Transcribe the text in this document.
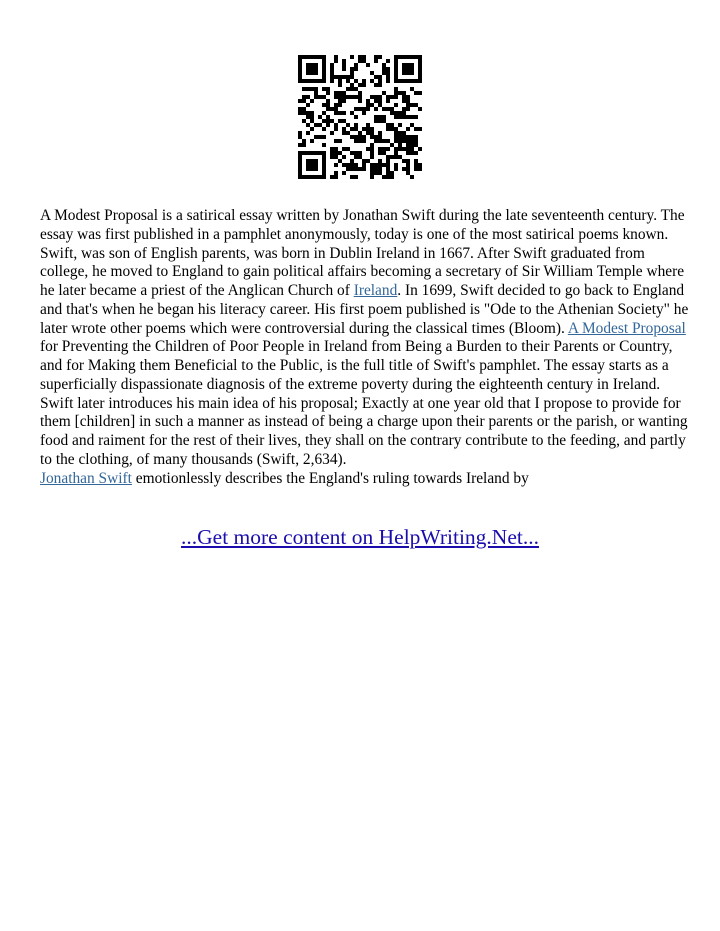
A Modest Proposal is a satirical essay written by Jonathan Swift during the late seventeenth century. The essay was first published in a pamphlet anonymously, today is one of the most satirical poems known. Swift, was son of English parents, was born in Dublin Ireland in 1667. After Swift graduated from college, he moved to England to gain political affairs becoming a secretary of Sir William Temple where he later became a priest of the Anglican Church of Ireland. In 1699, Swift decided to go back to England and that's when he began his literacy career. His first poem published is "Ode to the Athenian Society" he later wrote other poems which were controversial during the classical times (Bloom). A Modest Proposal for Preventing the Children of Poor People in Ireland from Being a Burden to their Parents or Country, and for Making them Beneficial to the Public, is the full title of Swift's pamphlet. The essay starts as a superficially dispassionate diagnosis of the extreme poverty during the eighteenth century in Ireland. Swift later introduces his main idea of his proposal; Exactly at one year old that I propose to provide for them [children] in such a manner as instead of being a charge upon their parents or the parish, or wanting food and raiment for the rest of their lives, they shall on the contrary contribute to the feeding, and partly to the clothing, of many thousands (Swift, 2,634).
Jonathan Swift emotionlessly describes the England's ruling towards Ireland by

...Get more content on HelpWriting.Net...
